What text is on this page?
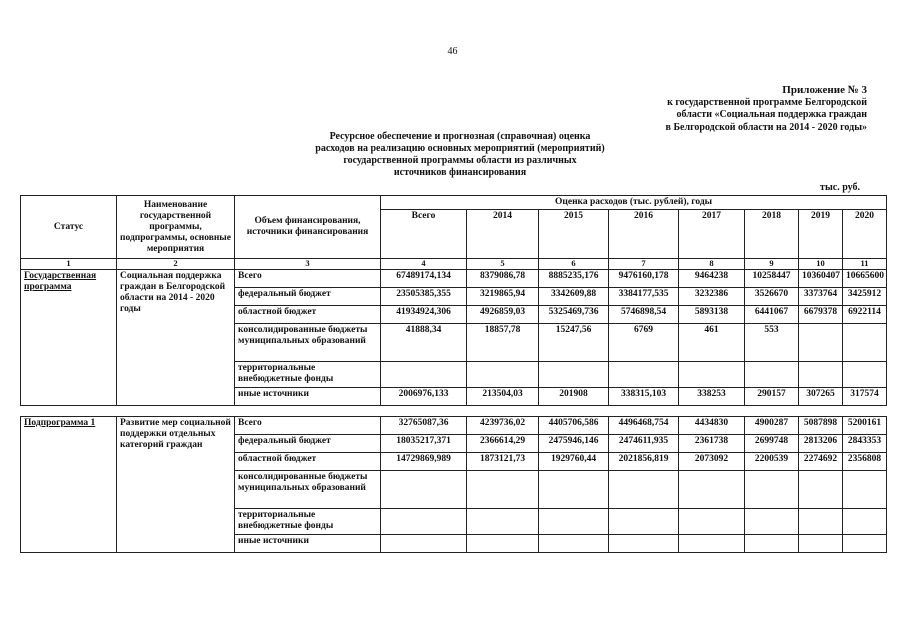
46
Приложение № 3
к государственной программе Белгородской
области «Социальная поддержка граждан
в Белгородской области на 2014 - 2020 годы»
Ресурсное обеспечение и прогнозная (справочная) оценка
расходов на реализацию основных мероприятий (мероприятий)
государственной программы области из различных
источников финансирования
тыс. руб.
Статус	Наименование государственной программы, подпрограммы, основные мероприятия	Объем финансирования, источники финансирования	Оценка расходов (тыс. рублей), годы							
			Всего	2014	2015	2016	2017	2018	2019	2020
1	2	3	4	5	6	7	8	9	10	11
Государственная программа	Социальная поддержка граждан в Белгородской области на 2014 - 2020 годы	Всего	67489174,134	8379086,78	8885235,176	9476160,178	9464238	10258447	10360407	10665600
		федеральный бюджет	23505385,355	3219865,94	3342609,88	3384177,535	3232386	3526670	3373764	3425912
		областной бюджет	41934924,306	4926859,03	5325469,736	5746898,54	5893138	6441067	6679378	6922114
		консолидированные бюджеты муниципальных образований	41888,34	18857,78	15247,56	6769	461	553		
		территориальные внебюджетные фонды								
		иные источники	2006976,133	213504,03	201908	338315,103	338253	290157	307265	317574

Подпрограмма 1	Развитие мер социальной поддержки отдельных категорий граждан	Всего	32765087,36	4239736,02	4405706,586	4496468,754	4434830	4900287	5087898	5200161
		федеральный бюджет	18035217,371	2366614,29	2475946,146	2474611,935	2361738	2699748	2813206	2843353
		областной бюджет	14729869,989	1873121,73	1929760,44	2021856,819	2073092	2200539	2274692	2356808
		консолидированные бюджеты муниципальных образований								
		территориальные внебюджетные фонды								
		иные источники								
